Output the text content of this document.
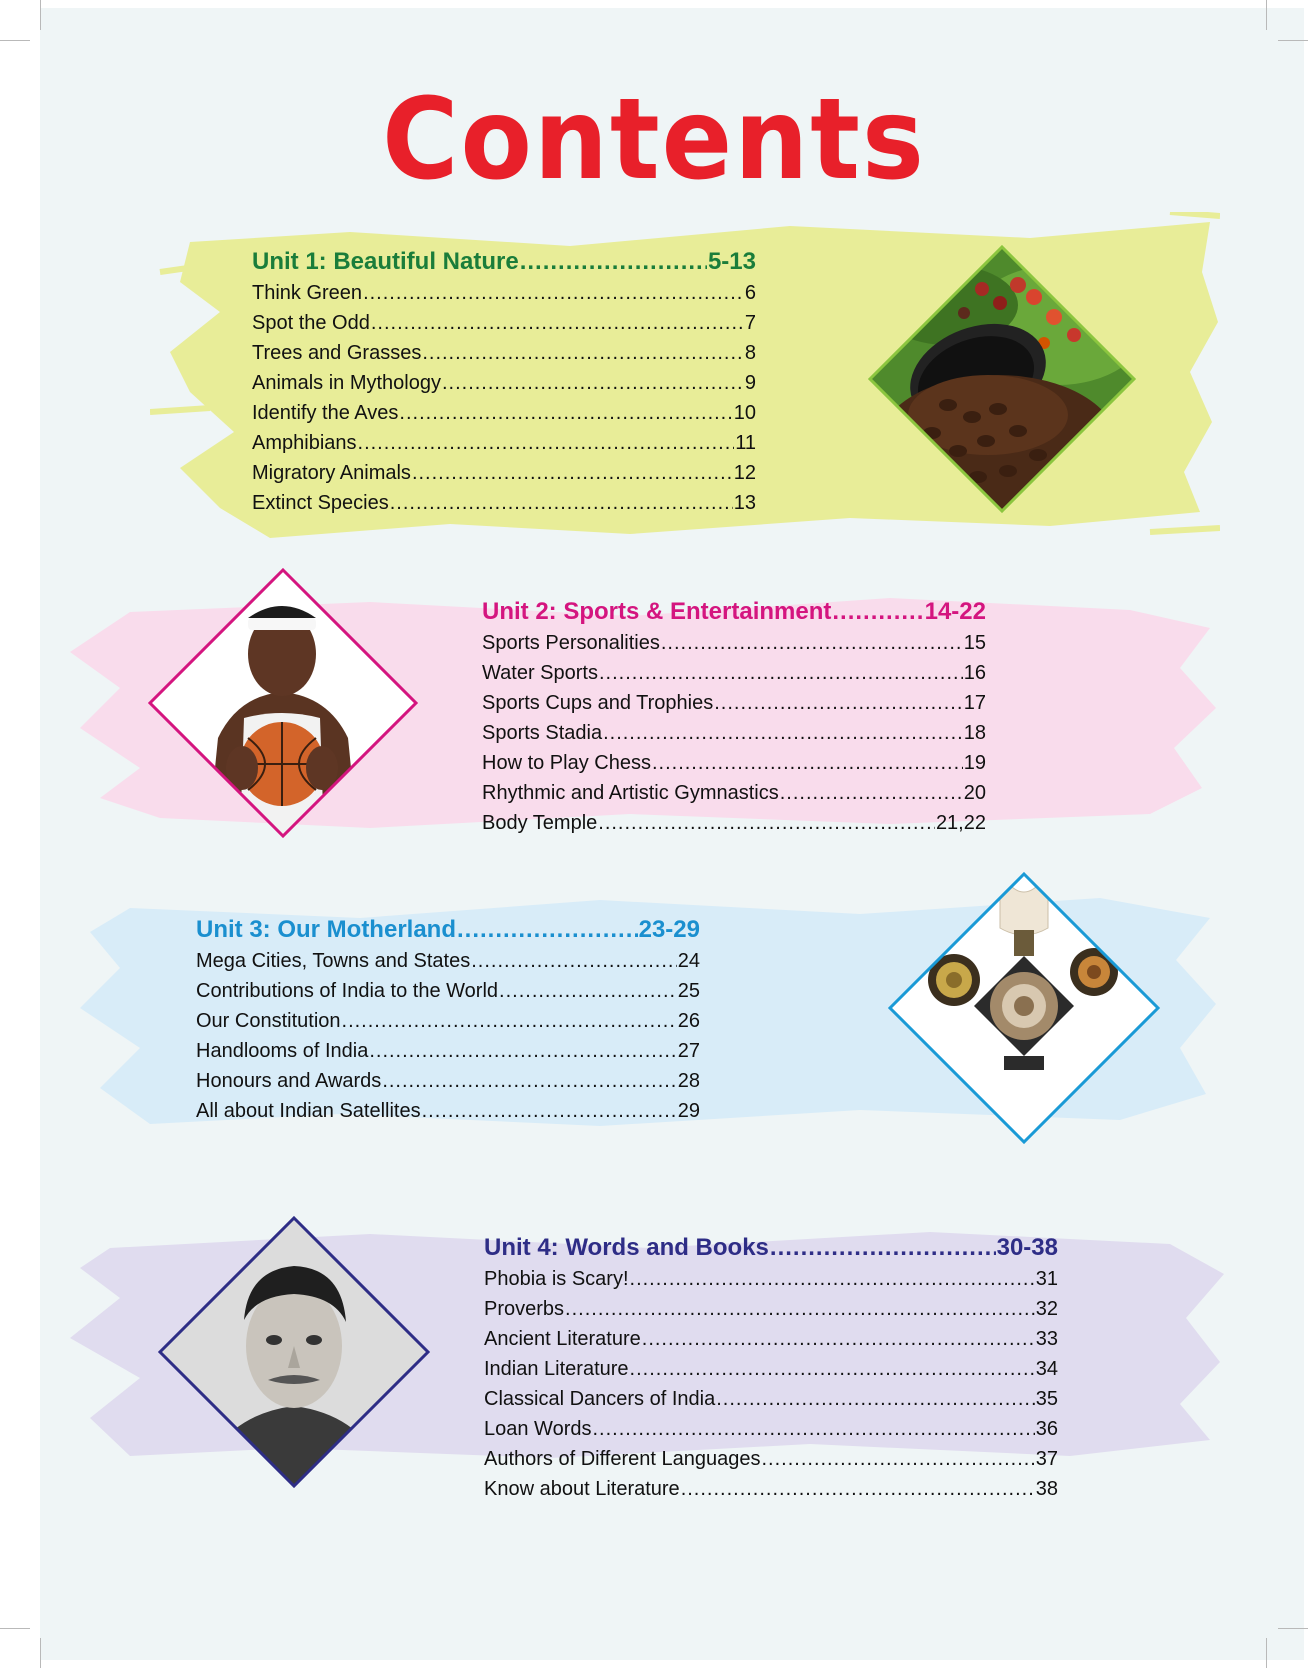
Contents
Unit 1: Beautiful Nature .....	5-13
Think Green .....	6
Spot the Odd .....	7
Trees and Grasses .....	8
Animals in Mythology .....	9
Identify the Aves .....	10
Amphibians .....	11
Migratory Animals .....	12
Extinct Species .....	13
Unit 2: Sports & Entertainment .....	14-22
Sports Personalities .....	15
Water Sports .....	16
Sports Cups and Trophies .....	17
Sports Stadia .....	18
How to Play Chess .....	19
Rhythmic and Artistic Gymnastics .....	20
Body Temple .....	21,22
Unit 3: Our Motherland .....	23-29
Mega Cities, Towns and States .....	24
Contributions of India to the World .....	25
Our Constitution .....	26
Handlooms of India .....	27
Honours and Awards .....	28
All about Indian Satellites .....	29
Unit 4: Words and Books .....	30-38
Phobia is Scary! .....	31
Proverbs .....	32
Ancient Literature .....	33
Indian Literature .....	34
Classical Dancers of India .....	35
Loan Words .....	36
Authors of Different Languages .....	37
Know about Literature .....	38
